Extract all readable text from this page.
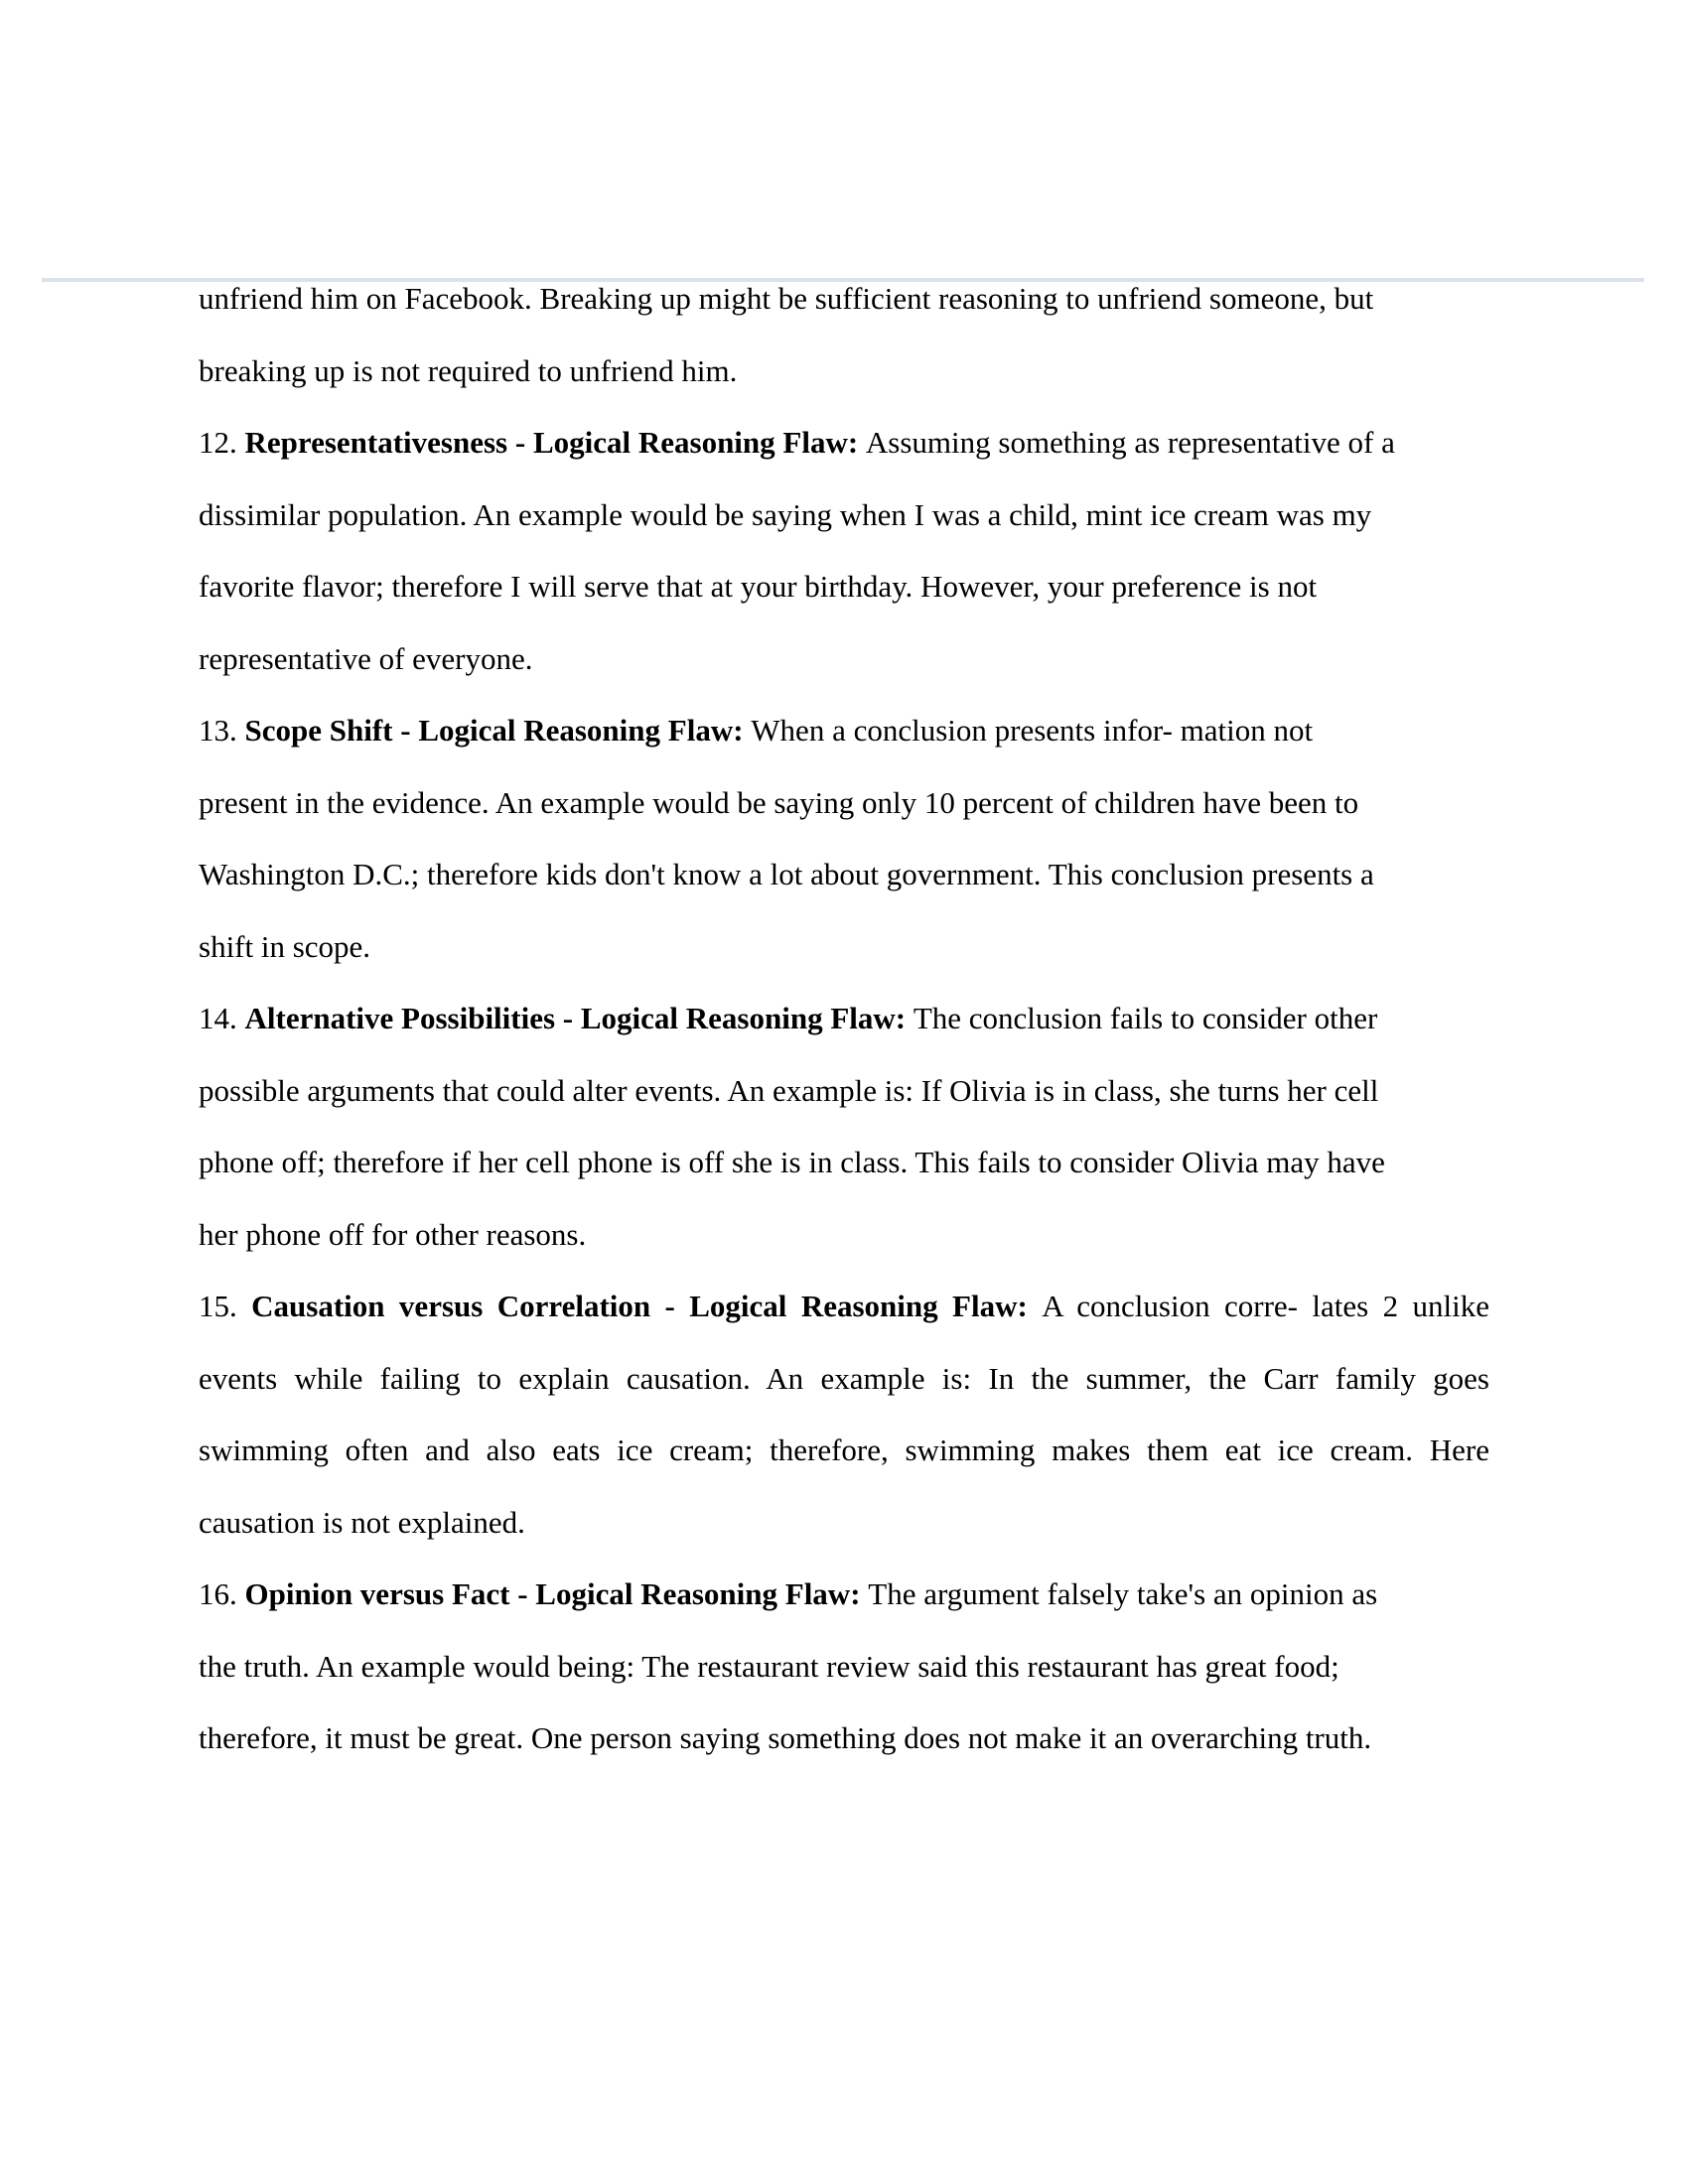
unfriend him on Facebook. Breaking up might be sufficient reasoning to unfriend someone, but
breaking up is not required to unfriend him.
12. Representativesness - Logical Reasoning Flaw: Assuming something as representative of a
dissimilar population. An example would be saying when I was a child, mint ice cream was my
favorite flavor; therefore I will serve that at your birthday. However, your preference is not
representative of everyone.
13. Scope Shift - Logical Reasoning Flaw: When a conclusion presents infor- mation not
present in the evidence. An example would be saying only 10 percent of children have been to
Washington D.C.; therefore kids don't know a lot about government. This conclusion presents a
shift in scope.
14. Alternative Possibilities - Logical Reasoning Flaw: The conclusion fails to consider other
possible arguments that could alter events. An example is: If Olivia is in class, she turns her cell
phone off; therefore if her cell phone is off she is in class. This fails to consider Olivia may have
her phone off for other reasons.
15. Causation versus Correlation - Logical Reasoning Flaw: A conclusion corre- lates 2 unlike
events while failing to explain causation. An example is: In the summer, the Carr family goes
swimming often and also eats ice cream; therefore, swimming makes them eat ice cream. Here
causation is not explained.
16. Opinion versus Fact - Logical Reasoning Flaw: The argument falsely take's an opinion as
the truth. An example would being: The restaurant review said this restaurant has great food;
therefore, it must be great. One person saying something does not make it an overarching truth.
